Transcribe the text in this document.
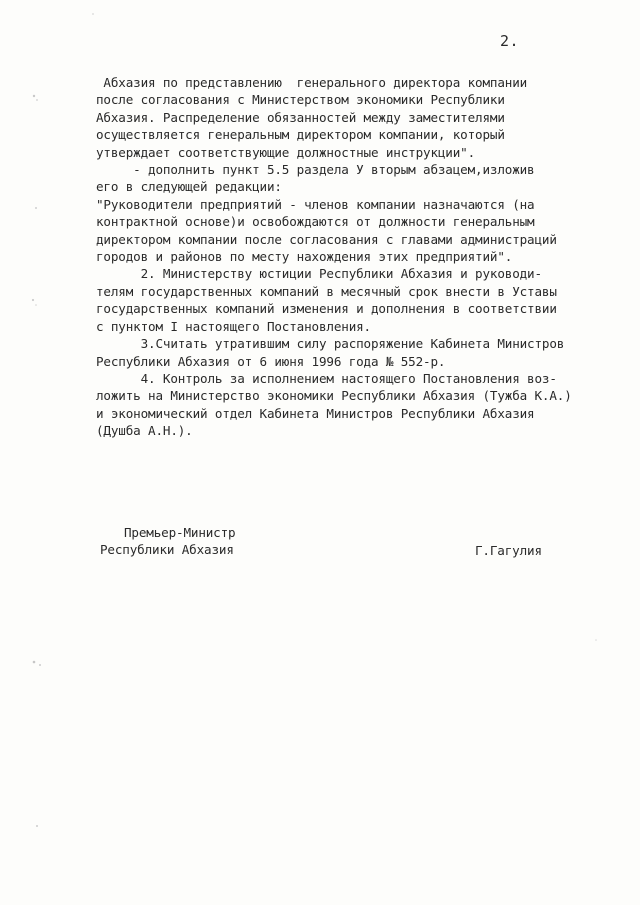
2.
Абхазия по представлению  генерального директора компании
после согласования с Министерством экономики Республики
Абхазия. Распределение обязанностей между заместителями
осуществляется генеральным директором компании, который
утверждает соответствующие должностные инструкции".
- дополнить пункт 5.5 раздела У вторым абзацем,изложив
его в следующей редакции:
"Руководители предприятий - членов компании назначаются (на
контрактной основе)и освобождаются от должности генеральным
директором компании после согласования с главами администраций
городов и районов по месту нахождения этих предприятий".
2. Министерству юстиции Республики Абхазия и руководи-
телям государственных компаний в месячный срок внести в Уставы
государственных компаний изменения и дополнения в соответствии
с пунктом I настоящего Постановления.
3.Считать утратившим силу распоряжение Кабинета Министров
Республики Абхазия от 6 июня 1996 года № 552-р.
4. Контроль за исполнением настоящего Постановления воз-
ложить на Министерство экономики Республики Абхазия (Тужба К.А.)
и экономический отдел Кабинета Министров Республики Абхазия
(Душба А.Н.).
Премьер-Министр
Республики Абхазия	Г.Гагулия
